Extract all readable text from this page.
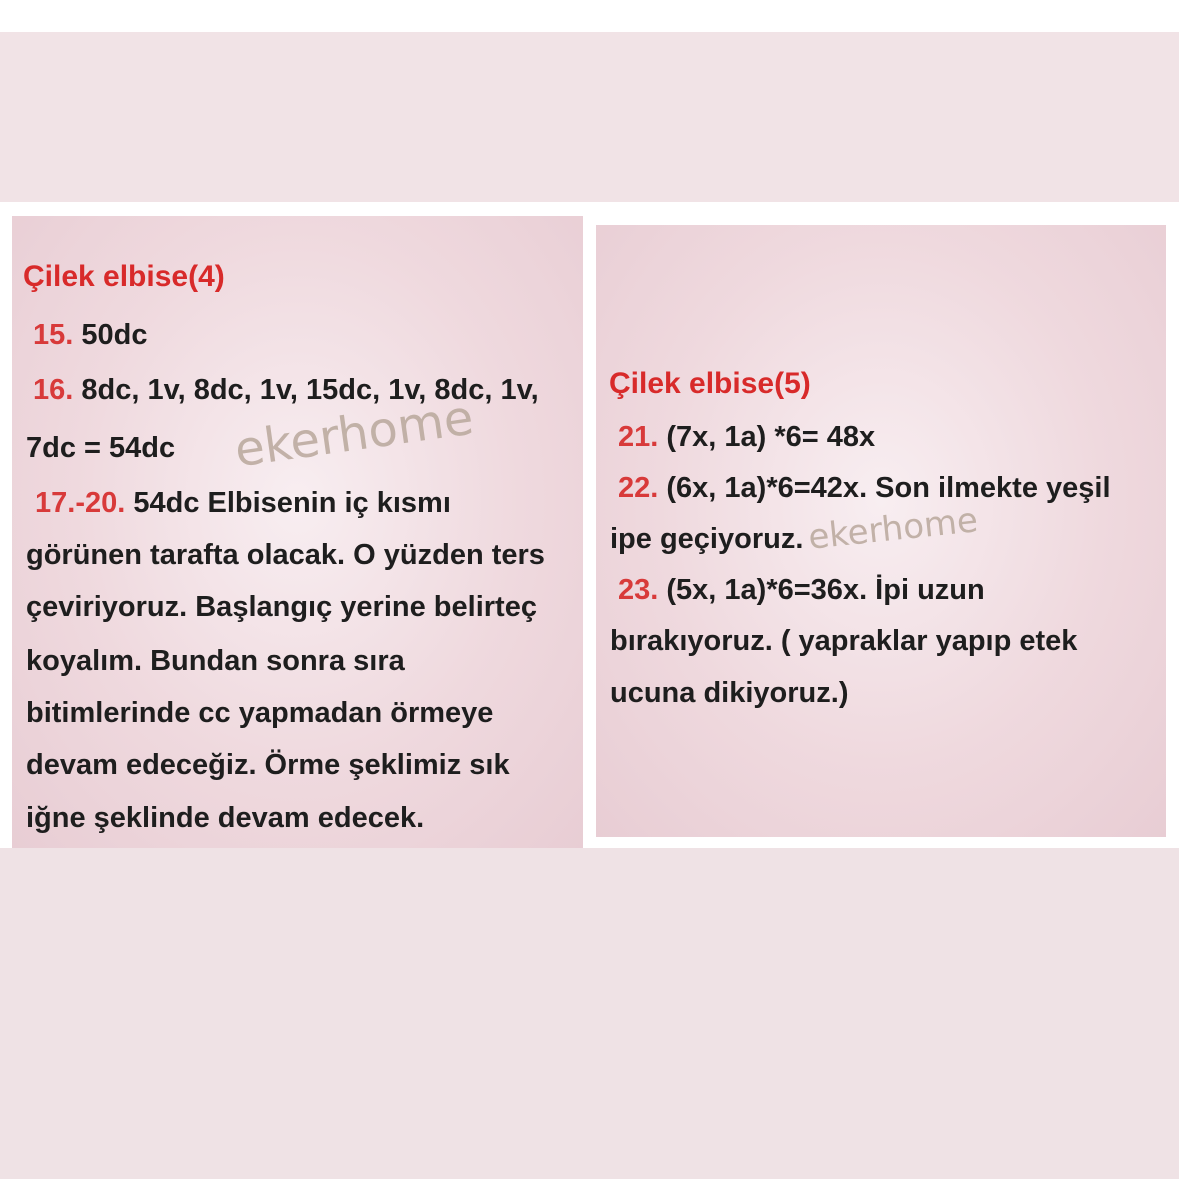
Çilek elbise(4)
15. 50dc
16. 8dc, 1v, 8dc, 1v, 15dc, 1v, 8dc, 1v,
7dc = 54dc ekerhome
17.-20. 54dc Elbisenin iç kısmı
görünen tarafta olacak. O yüzden ters
çeviriyoruz. Başlangıç yerine belirteç
koyalım. Bundan sonra sıra
bitimlerinde cc yapmadan örmeye
devam edeceğiz. Örme şeklimiz sık
iğne şeklinde devam edecek.
Çilek elbise(5)
21. (7x, 1a) *6= 48x
22. (6x, 1a)*6=42x. Son ilmekte yeşil
ipe geçiyoruz. ekerhome
23. (5x, 1a)*6=36x. İpi uzun
bırakıyoruz. ( yapraklar yapıp etek
ucuna dikiyoruz.)
